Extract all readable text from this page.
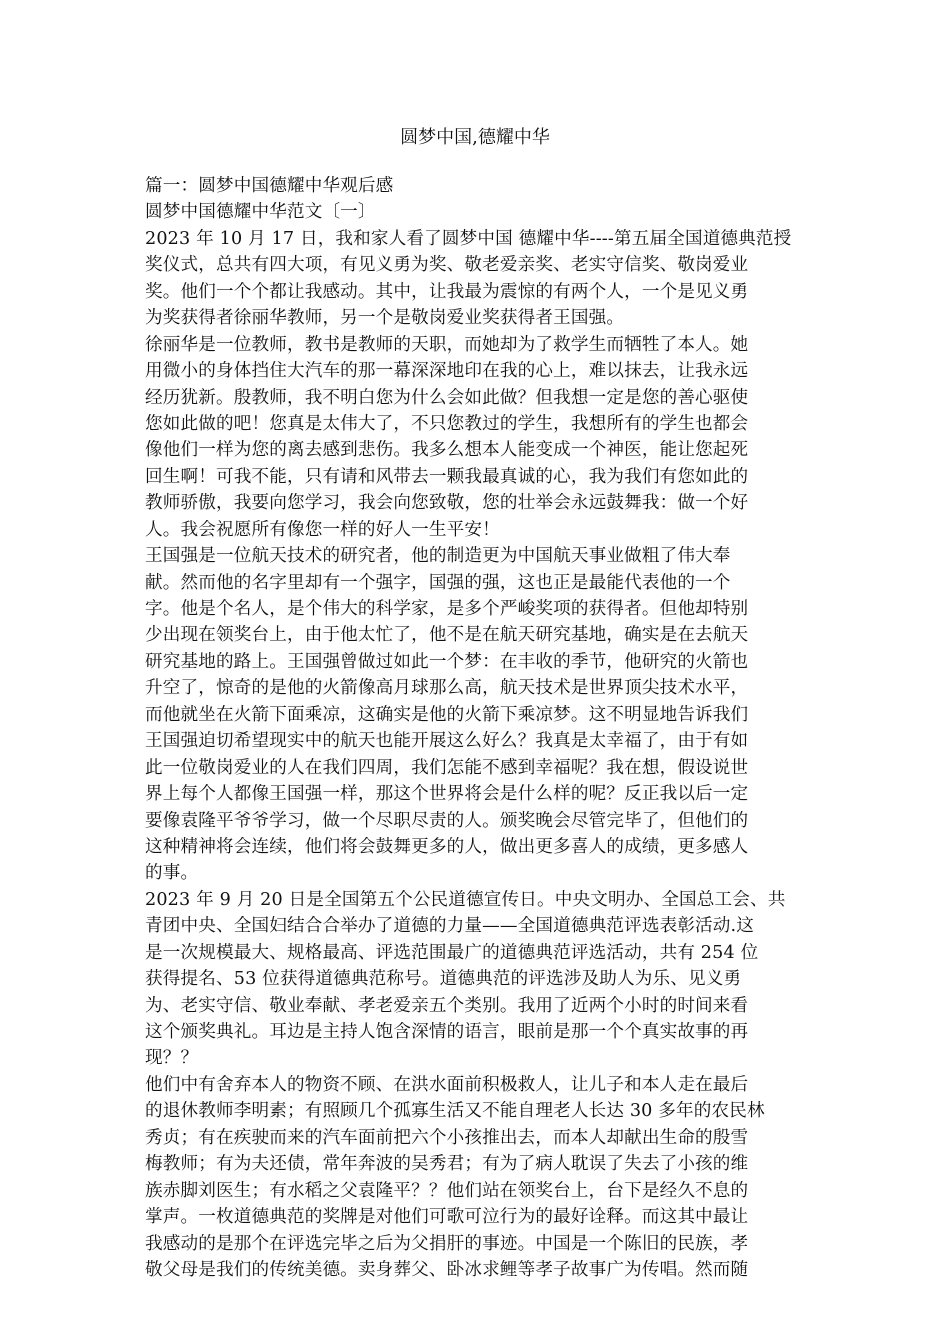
圆梦中国,德耀中华
篇一：圆梦中国德耀中华观后感
圆梦中国德耀中华范文〔一〕
2023 年 10 月 17 日，我和家人看了圆梦中国 德耀中华----第五届全国道德典范授
奖仪式，总共有四大项，有见义勇为奖、敬老爱亲奖、老实守信奖、敬岗爱业
奖。他们一个个都让我感动。其中，让我最为震惊的有两个人，一个是见义勇
为奖获得者徐丽华教师，另一个是敬岗爱业奖获得者王国强。
徐丽华是一位教师，教书是教师的天职，而她却为了救学生而牺牲了本人。她
用微小的身体挡住大汽车的那一幕深深地印在我的心上，难以抹去，让我永远
经历犹新。殷教师，我不明白您为什么会如此做？但我想一定是您的善心驱使
您如此做的吧！您真是太伟大了，不只您教过的学生，我想所有的学生也都会
像他们一样为您的离去感到悲伤。我多么想本人能变成一个神医，能让您起死
回生啊！可我不能，只有请和风带去一颗我最真诚的心，我为我们有您如此的
教师骄傲，我要向您学习，我会向您致敬，您的壮举会永远鼓舞我：做一个好
人。我会祝愿所有像您一样的好人一生平安！
王国强是一位航天技术的研究者，他的制造更为中国航天事业做粗了伟大奉
献。然而他的名字里却有一个强字，国强的强，这也正是最能代表他的一个
字。他是个名人，是个伟大的科学家，是多个严峻奖项的获得者。但他却特别
少出现在领奖台上，由于他太忙了，他不是在航天研究基地，确实是在去航天
研究基地的路上。王国强曾做过如此一个梦：在丰收的季节，他研究的火箭也
升空了，惊奇的是他的火箭像高月球那么高，航天技术是世界顶尖技术水平，
而他就坐在火箭下面乘凉，这确实是他的火箭下乘凉梦。这不明显地告诉我们
王国强迫切希望现实中的航天也能开展这么好么？我真是太幸福了，由于有如
此一位敬岗爱业的人在我们四周，我们怎能不感到幸福呢？我在想，假设说世
界上每个人都像王国强一样，那这个世界将会是什么样的呢？反正我以后一定
要像袁隆平爷爷学习，做一个尽职尽责的人。颁奖晚会尽管完毕了，但他们的
这种精神将会连续，他们将会鼓舞更多的人，做出更多喜人的成绩，更多感人
的事。
2023 年 9 月 20 日是全国第五个公民道德宣传日。中央文明办、全国总工会、共
青团中央、全国妇结合合举办了道德的力量——全国道德典范评选表彰活动.这
是一次规模最大、规格最高、评选范围最广的道德典范评选活动，共有 254 位
获得提名、53 位获得道德典范称号。道德典范的评选涉及助人为乐、见义勇
为、老实守信、敬业奉献、孝老爱亲五个类别。我用了近两个小时的时间来看
这个颁奖典礼。耳边是主持人饱含深情的语言，眼前是那一个个真实故事的再
现？？
他们中有舍弃本人的物资不顾、在洪水面前积极救人，让儿子和本人走在最后
的退休教师李明素；有照顾几个孤寡生活又不能自理老人长达 30 多年的农民林
秀贞；有在疾驶而来的汽车面前把六个小孩推出去，而本人却献出生命的殷雪
梅教师；有为夫还债，常年奔波的吴秀君；有为了病人耽误了失去了小孩的维
族赤脚刘医生；有水稻之父袁隆平？？他们站在领奖台上，台下是经久不息的
掌声。一枚道德典范的奖牌是对他们可歌可泣行为的最好诠释。而这其中最让
我感动的是那个在评选完毕之后为父捐肝的事迹。中国是一个陈旧的民族，孝
敬父母是我们的传统美德。卖身葬父、卧冰求鲤等孝子故事广为传唱。然而随
